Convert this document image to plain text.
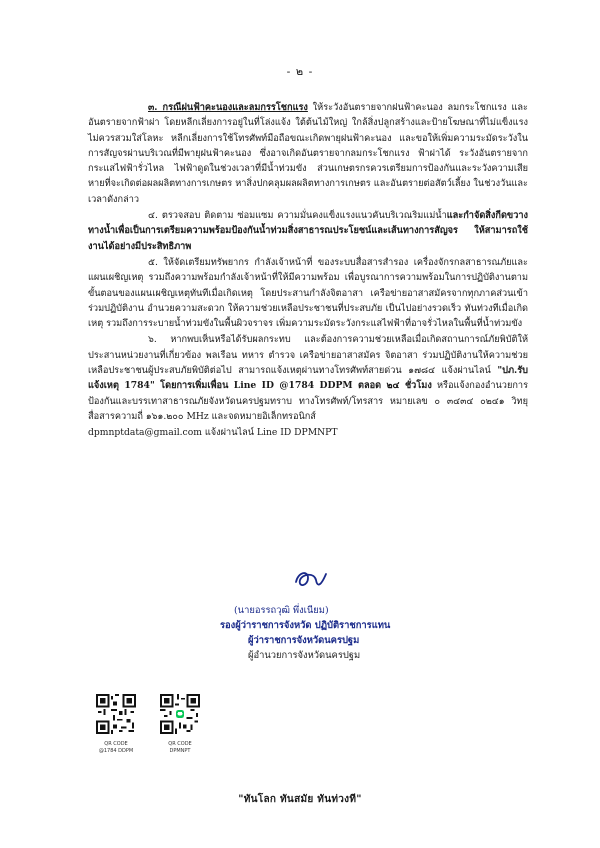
- ๒ -

๓. กรณีฝนฟ้าคะนองและลมกรรโชกแรง ให้ระวังอันตรายจากฝนฟ้าคะนอง ลมกระโชกแรง และอันตรายจากฟ้าผ่า โดยหลีกเลี่ยงการอยู่ในที่โล่งแจ้ง ใต้ต้นไม้ใหญ่ ใกล้สิ่งปลูกสร้างและป้ายโฆษณาที่ไม่แข็งแรง ไม่ควรสวมใส่โลหะ หลีกเลี่ยงการใช้โทรศัพท์มือถือขณะเกิดพายุฝนฟ้าคะนอง และขอให้เพิ่มความระมัดระวังในการสัญจรผ่านบริเวณที่มีพายุฝนฟ้าคะนอง ซึ่งอาจเกิดอันตรายจากลมกระโชกแรง ฟ้าผ่าได้ ระวังอันตรายจากกระแสไฟฟ้ารั่วไหล ไฟฟ้าดูดในช่วงเวลาที่มีน้ำท่วมขัง ส่วนเกษตรกรควรเตรียมการป้องกันและระวังความเสียหายที่จะเกิดต่อผลผลิตทางการเกษตร หาสิ่งปกคลุมผลผลิตทางการเกษตร และอันตรายต่อสัตว์เลี้ยง ในช่วงวันและเวลาดังกล่าว

๔. ตรวจสอบ ติดตาม ซ่อมแซม ความมั่นคงแข็งแรงแนวคันบริเวณริมแม่น้ำและกำจัดสิ่งกีดขวางทางน้ำเพื่อเป็นการเตรียมความพร้อมป้องกันน้ำท่วมสิ่งสาธารณประโยชน์และเส้นทางการสัญจร ให้สามารถใช้งานได้อย่างมีประสิทธิภาพ

๕. ให้จัดเตรียมทรัพยากร กำลังเจ้าหน้าที่ ของระบบสื่อสารสำรอง เครื่องจักรกลสาธารณภัยและแผนเผชิญเหตุ รวมถึงความพร้อมกำลังเจ้าหน้าที่ให้มีความพร้อม เพื่อบูรณาการความพร้อมในการปฏิบัติงานตามขั้นตอนของแผนเผชิญเหตุทันทีเมื่อเกิดเหตุ โดยประสานกำลังจิตอาสา เครือข่ายอาสาสมัครจากทุกภาคส่วนเข้าร่วมปฏิบัติงาน อำนวยความสะดวก ให้ความช่วยเหลือประชาชนที่ประสบภัย เป็นไปอย่างรวดเร็ว ทันท่วงทีเมื่อเกิดเหตุ รวมถึงการระบายน้ำท่วมขังในพื้นผิวจราจร เพิ่มความระมัดระวังกระแสไฟฟ้าที่อาจรั่วไหลในพื้นที่น้ำท่วมขัง

๖. หากพบเห็นหรือได้รับผลกระทบ และต้องการความช่วยเหลือเมื่อเกิดสถานการณ์ภัยพิบัติให้ประสานหน่วยงานที่เกี่ยวข้อง พลเรือน ทหาร ตำรวจ เครือข่ายอาสาสมัคร จิตอาสา ร่วมปฏิบัติงานให้ความช่วยเหลือประชาชนผู้ประสบภัยพิบัติต่อไป สามารถแจ้งเหตุผ่านทางโทรศัพท์สายด่วน ๑๗๘๔ แจ้งผ่านไลน์ "ปภ.รับแจ้งเหตุ 1784" โดยการเพิ่มเพื่อน Line ID @1784 DDPM ตลอด ๒๔ ชั่วโมง หรือแจ้งกองอำนวยการป้องกันและบรรเทาสาธารณภัยจังหวัดนครปฐมทราบ ทางโทรศัพท์/โทรสาร หมายเลข ๐ ๓๔๓๔ ๐๒๔๑ วิทยุสื่อสารความถี่ ๑๖๑.๒๐๐ MHz และจดหมายอิเล็กทรอนิกส์

dpmnptdata@gmail.com แจ้งผ่านไลน์ Line ID DPMNPT

(นายอรรถวุฒิ พึ่งเนียม)
รองผู้ว่าราชการจังหวัด ปฏิบัติราชการแทน
ผู้ว่าราชการจังหวัดนครปฐม
ผู้อำนวยการจังหวัดนครปฐม
QR CODE
@1784 DDPM
QR CODE
DPMNPT
"ทันโลก ทันสมัย ทันท่วงที"
